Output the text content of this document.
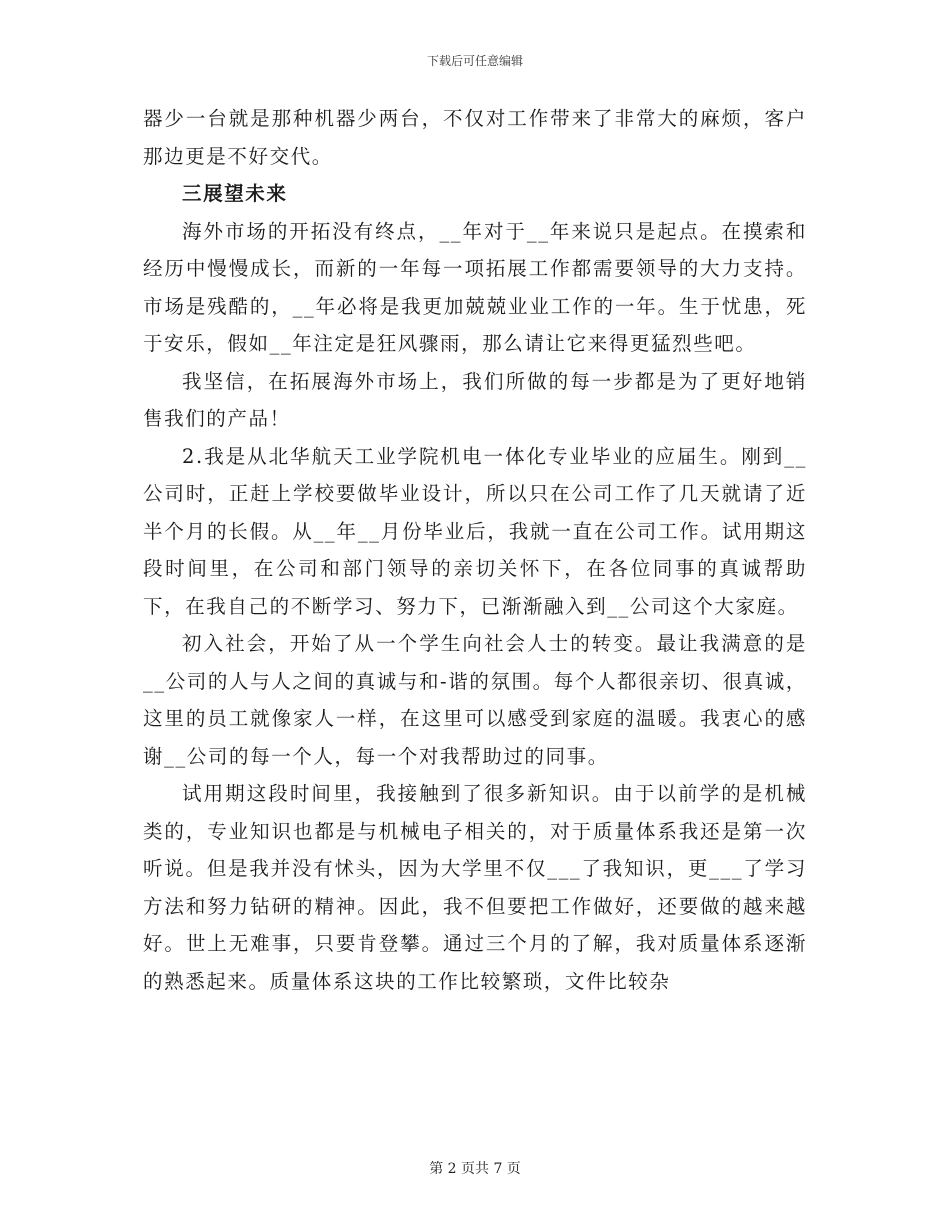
下载后可任意编辑

器少一台就是那种机器少两台，不仅对工作带来了非常大的麻烦，客户那边更是不好交代。

三展望未来

海外市场的开拓没有终点，__年对于__年来说只是起点。在摸索和经历中慢慢成长，而新的一年每一项拓展工作都需要领导的大力支持。市场是残酷的，__年必将是我更加兢兢业业工作的一年。生于忧患，死于安乐，假如__年注定是狂风骤雨，那么请让它来得更猛烈些吧。

我坚信，在拓展海外市场上，我们所做的每一步都是为了更好地销售我们的产品！

2.我是从北华航天工业学院机电一体化专业毕业的应届生。刚到__公司时，正赶上学校要做毕业设计，所以只在公司工作了几天就请了近半个月的长假。从__年__月份毕业后，我就一直在公司工作。试用期这段时间里，在公司和部门领导的亲切关怀下，在各位同事的真诚帮助下，在我自己的不断学习、努力下，已渐渐融入到__公司这个大家庭。

初入社会，开始了从一个学生向社会人士的转变。最让我满意的是__公司的人与人之间的真诚与和-谐的氛围。每个人都很亲切、很真诚，这里的员工就像家人一样，在这里可以感受到家庭的温暖。我衷心的感谢__公司的每一个人，每一个对我帮助过的同事。

试用期这段时间里，我接触到了很多新知识。由于以前学的是机械类的，专业知识也都是与机械电子相关的，对于质量体系我还是第一次听说。但是我并没有怵头，因为大学里不仅___了我知识，更___了学习方法和努力钻研的精神。因此，我不但要把工作做好，还要做的越来越好。世上无难事，只要肯登攀。通过三个月的了解，我对质量体系逐渐的熟悉起来。质量体系这块的工作比较繁琐，文件比较杂

第 2 页共 7 页
